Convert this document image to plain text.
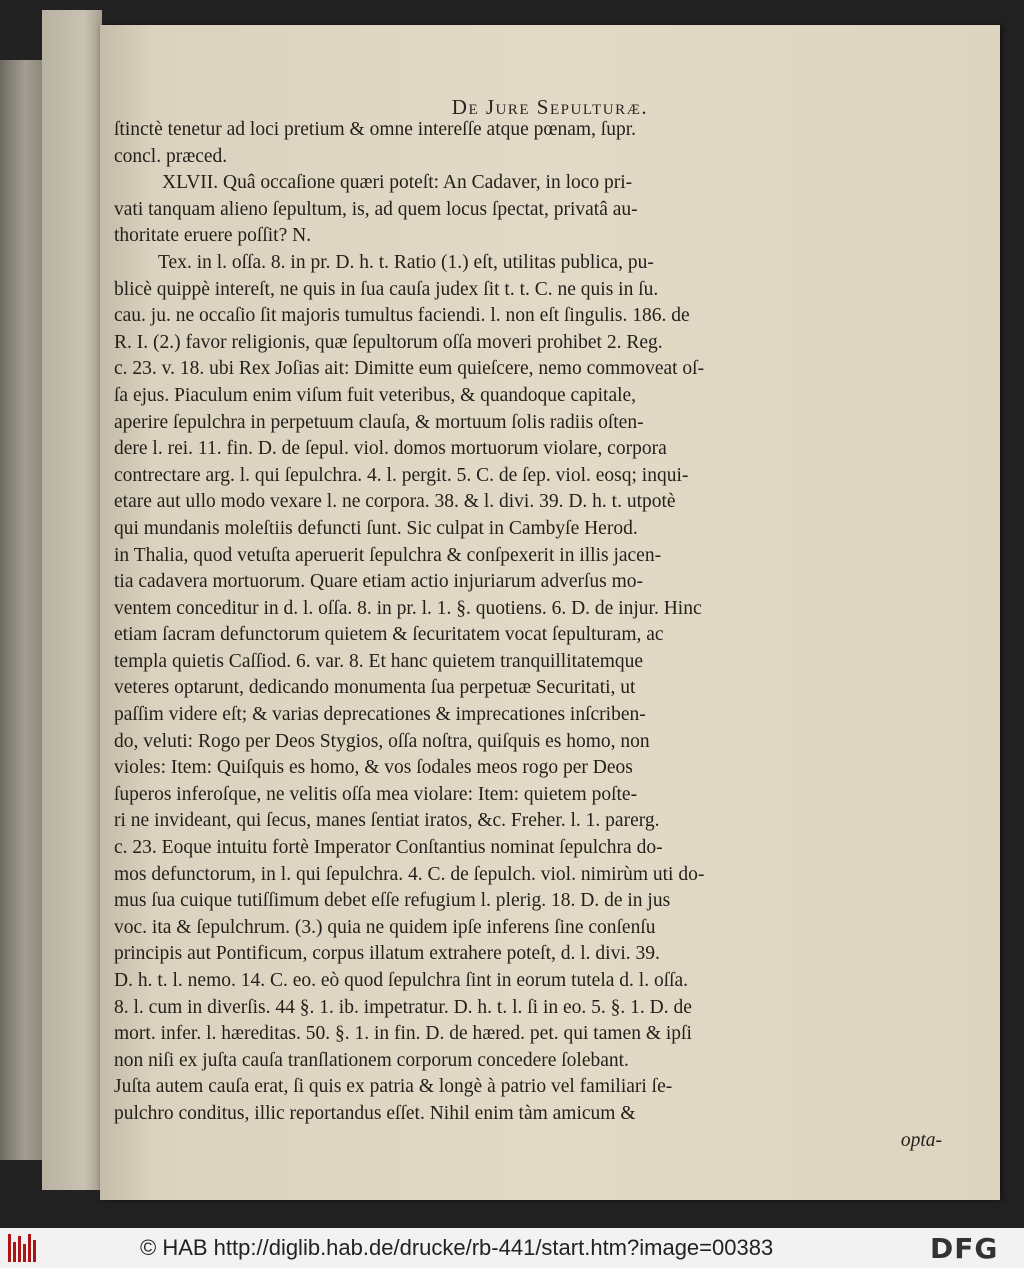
De Jure Sepulturæ.
ſtinctè tenetur ad loci pretium & omne intereſſe atque pœnam, ſupr.
concl. præced.
XLVII. Quâ occaſione quæri poteſt: An Cadaver, in loco pri-
vati tanquam alieno ſepultum, is, ad quem locus ſpectat, privatâ au-
thoritate eruere poſſit? N.
Tex. in l. oſſa. 8. in pr. D. h. t. Ratio (1.) eſt, utilitas publica, pu-
blicè quippè intereſt, ne quis in ſua cauſa judex ſit t. t. C. ne quis in ſu.
cau. ju. ne occaſio ſit majoris tumultus faciendi. l. non eſt ſingulis. 186. de
R. I. (2.) favor religionis, quæ ſepultorum oſſa moveri prohibet 2. Reg.
c. 23. v. 18. ubi Rex Joſias ait: Dimitte eum quieſcere, nemo commoveat oſ-
ſa ejus. Piaculum enim viſum fuit veteribus, & quandoque capitale,
aperire ſepulchra in perpetuum clauſa, & mortuum ſolis radiis oſten-
dere l. rei. 11. fin. D. de ſepul. viol. domos mortuorum violare, corpora
contrectare arg. l. qui ſepulchra. 4. l. pergit. 5. C. de ſep. viol. eosq; inqui-
etare aut ullo modo vexare l. ne corpora. 38. & l. divi. 39. D. h. t. utpotè
qui mundanis moleſtiis defuncti ſunt. Sic culpat in Cambyſe Herod.
in Thalia, quod vetuſta aperuerit ſepulchra & conſpexerit in illis jacen-
tia cadavera mortuorum. Quare etiam actio injuriarum adverſus mo-
ventem conceditur in d. l. oſſa. 8. in pr. l. 1. §. quotiens. 6. D. de injur. Hinc
etiam ſacram defunctorum quietem & ſecuritatem vocat ſepulturam, ac
templa quietis Caſſiod. 6. var. 8. Et hanc quietem tranquillitatemque
veteres optarunt, dedicando monumenta ſua perpetuæ Securitati, ut
paſſim videre eſt; & varias deprecationes & imprecationes inſcriben-
do, veluti: Rogo per Deos Stygios, oſſa noſtra, quiſquis es homo, non
violes: Item: Quiſquis es homo, & vos ſodales meos rogo per Deos
ſuperos inferoſque, ne velitis oſſa mea violare: Item: quietem poſte-
ri ne invideant, qui ſecus, manes ſentiat iratos, &c. Freher. l. 1. parerg.
c. 23. Eoque intuitu fortè Imperator Conſtantius nominat ſepulchra do-
mos defunctorum, in l. qui ſepulchra. 4. C. de ſepulch. viol. nimirùm uti do-
mus ſua cuique tutiſſimum debet eſſe refugium l. plerig. 18. D. de in jus
voc. ita & ſepulchrum. (3.) quia ne quidem ipſe inferens ſine conſenſu
principis aut Pontificum, corpus illatum extrahere poteſt, d. l. divi. 39.
D. h. t. l. nemo. 14. C. eo. eò quod ſepulchra ſint in eorum tutela d. l. oſſa.
8. l. cum in diverſis. 44 §. 1. ib. impetratur. D. h. t. l. ſi in eo. 5. §. 1. D. de
mort. infer. l. hæreditas. 50. §. 1. in fin. D. de hæred. pet. qui tamen & ipſi
non niſi ex juſta cauſa tranſlationem corporum concedere ſolebant.
Juſta autem cauſa erat, ſi quis ex patria & longè à patrio vel familiari ſe-
pulchro conditus, illic reportandus eſſet. Nihil enim tàm amicum &
opta-
© HAB http://diglib.hab.de/drucke/rb-441/start.htm?image=00383	DFG
